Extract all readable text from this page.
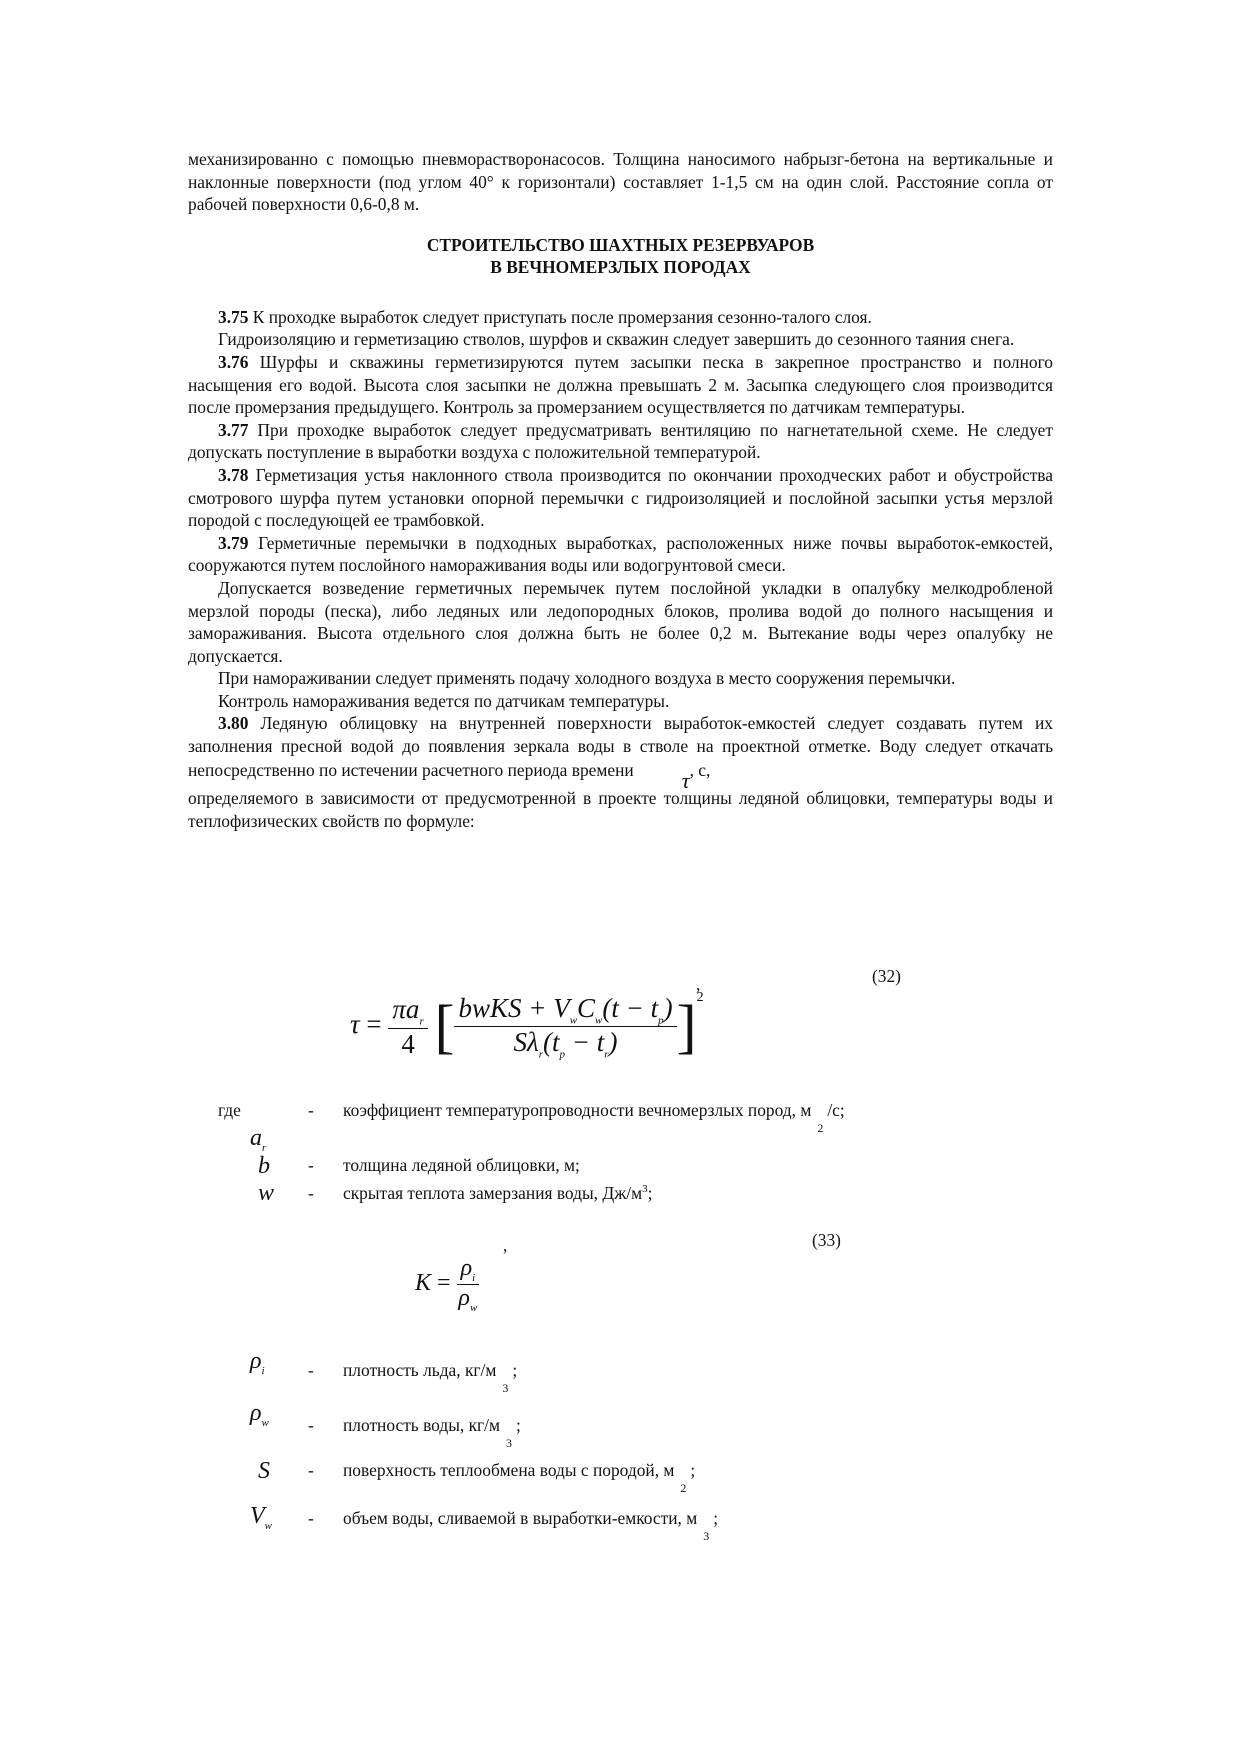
механизированно с помощью пневморастворонасосов. Толщина наносимого набрызг-бетона на вертикальные и наклонные поверхности (под углом 40° к горизонтали) составляет 1-1,5 см на один слой. Расстояние сопла от рабочей поверхности 0,6-0,8 м.

СТРОИТЕЛЬСТВО ШАХТНЫХ РЕЗЕРВУАРОВ
В ВЕЧНОМЕРЗЛЫХ ПОРОДАХ

3.75 К проходке выработок следует приступать после промерзания сезонно-талого слоя.

Гидроизоляцию и герметизацию стволов, шурфов и скважин следует завершить до сезонного таяния снега.

3.76 Шурфы и скважины герметизируются путем засыпки песка в закрепное пространство и полного насыщения его водой. Высота слоя засыпки не должна превышать 2 м. Засыпка следующего слоя производится после промерзания предыдущего. Контроль за промерзанием осуществляется по датчикам температуры.

3.77 При проходке выработок следует предусматривать вентиляцию по нагнетательной схеме. Не следует допускать поступление в выработки воздуха с положительной температурой.

3.78 Герметизация устья наклонного ствола производится по окончании проходческих работ и обустройства смотрового шурфа путем установки опорной перемычки с гидроизоляцией и послойной засыпки устья мерзлой породой с последующей ее трамбовкой.

3.79 Герметичные перемычки в подходных выработках, расположенных ниже почвы выработок-емкостей, сооружаются путем послойного намораживания воды или водогрунтовой смеси.

Допускается возведение герметичных перемычек путем послойной укладки в опалубку мелкодробленой мерзлой породы (песка), либо ледяных или ледопородных блоков, пролива водой до полного насыщения и замораживания. Высота отдельного слоя должна быть не более 0,2 м. Вытекание воды через опалубку не допускается.

При намораживании следует применять подачу холодного воздуха в место сооружения перемычки.

Контроль намораживания ведется по датчикам температуры.

3.80 Ледяную облицовку на внутренней поверхности выработок-емкостей следует создавать путем их заполнения пресной водой до появления зеркала воды в стволе на проектной отметке. Воду следует откачать непосредственно по истечении расчетного периода времени τ, с,

определяемого в зависимости от предусмотренной в проекте толщины ледяной облицовки, температуры воды и теплофизических свойств по формуле:

$\tau = \frac{\pi a_r}{4}$ [ $\frac{bwKS + V_wC_w(t - t_p)}{S\lambda_r(t_p - t_r)} ]^2$
,	(32)
где
$a_r$
- коэффициент температуропроводности вечномерзлых пород, $м_2/с$;
b - толщина ледяной облицовки, м;
w - скрытая теплота замерзания воды, $Дж/м^3$;
$K = \frac{\rho_i}{\rho_w}$
,	(33)
$\rho_i$ - плотность льда, $кг/м_3$;
$\rho_w$ - плотность воды, $кг/м_3$;
S - поверхность теплообмена воды с породой, $м_2$;
$V_w$ - объем воды, сливаемой в выработки-емкости, $м_3$;
